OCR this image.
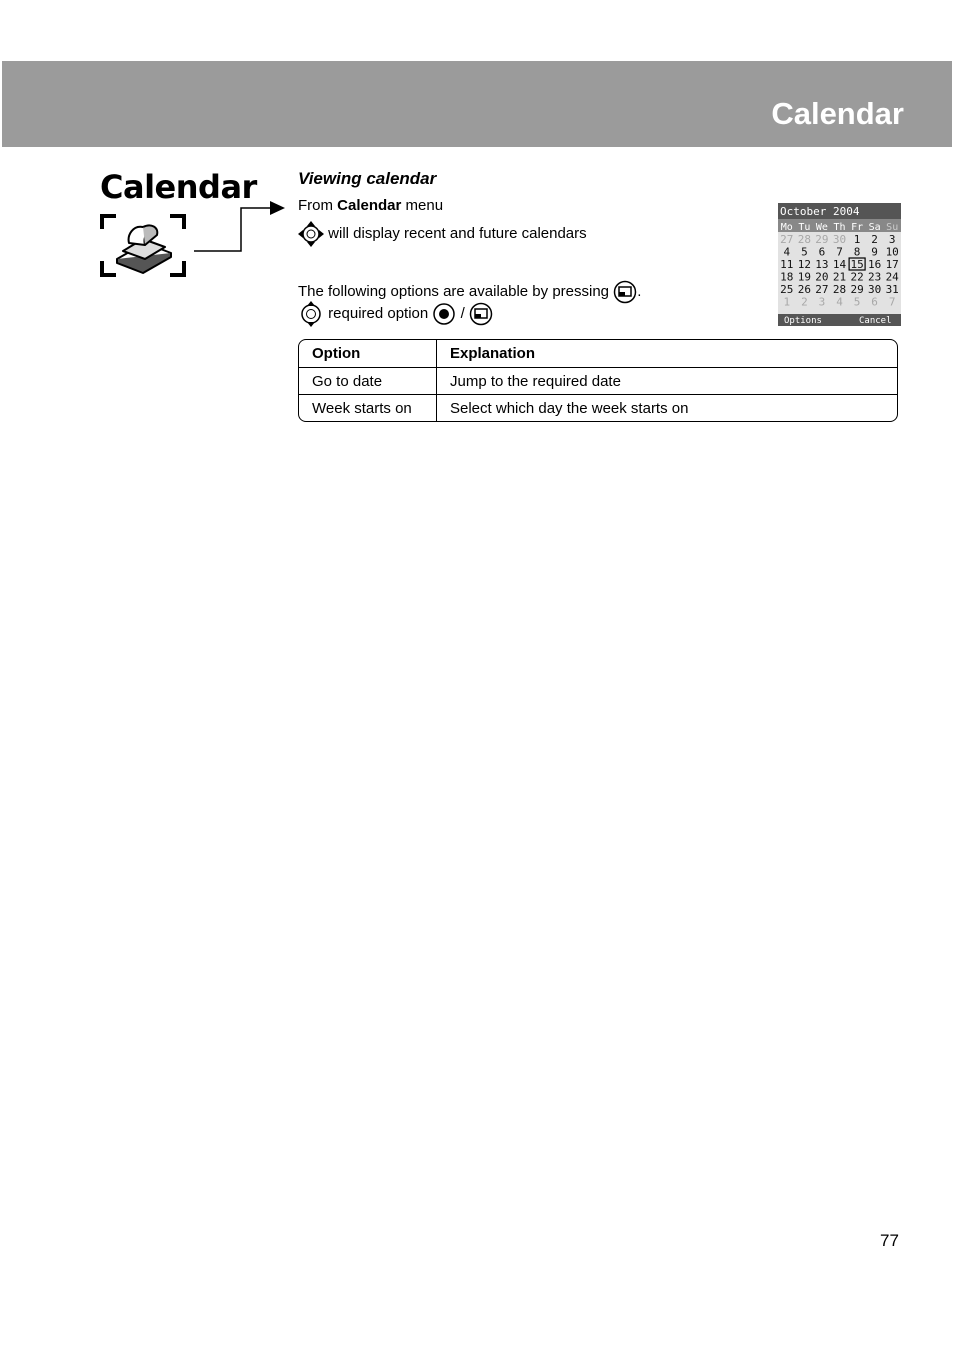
Calendar
Calendar Viewing calendar
From Calendar menu
will display recent and future calendars
The following options are available by pressing .
required option  /
October 2004
Mo Tu We Th Fr Sa Su
27 28 29 30 1 2 3
4 5 6 7 8 9 10
11 12 13 14 15 16 17
18 19 20 21 22 23 24
25 26 27 28 29 30 31
1 2 3 4 5 6 7
Options	Cancel
Option	Explanation
Go to date	Jump to the required date
Week starts on	Select which day the week starts on
77
